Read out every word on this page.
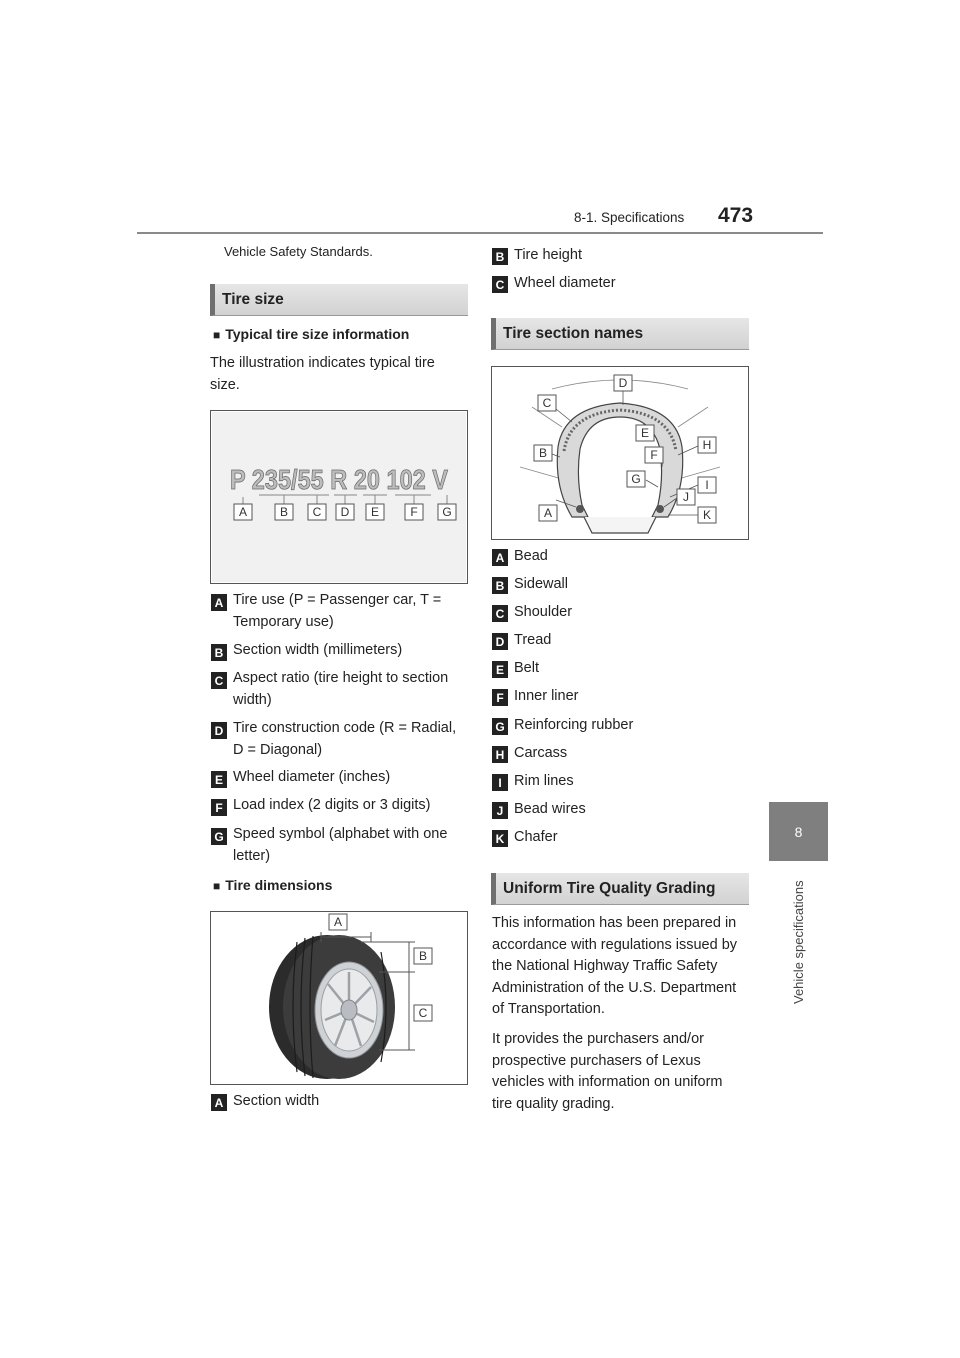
8-1. Specifications 473
8
Vehicle specifications
Vehicle Safety Standards.
Tire size
■ Typical tire size information
The illustration indicates typical tire size.
P 235/55 R 20 102 V
A	B C D E	F G
A Tire use (P = Passenger car, T = Temporary use)
B Section width (millimeters)
C Aspect ratio (tire height to section width)
D Tire construction code (R = Radial, D = Diagonal)
E Wheel diameter (inches)
F Load index (2 digits or 3 digits)
G Speed symbol (alphabet with one letter)
■ Tire dimensions
A
B
C
A Section width
B Tire height
C Wheel diameter
Tire section names
A
B
C
D
E
F
G
H
I
J
K
A Bead
B Sidewall
C Shoulder
D Tread
E Belt
F Inner liner
G Reinforcing rubber
H Carcass
I Rim lines
J Bead wires
K Chafer
Uniform Tire Quality Grading
This information has been prepared in accordance with regulations issued by the National Highway Traffic Safety Administration of the U.S. Department of Transportation.
It provides the purchasers and/or prospective purchasers of Lexus vehicles with information on uniform tire quality grading.
